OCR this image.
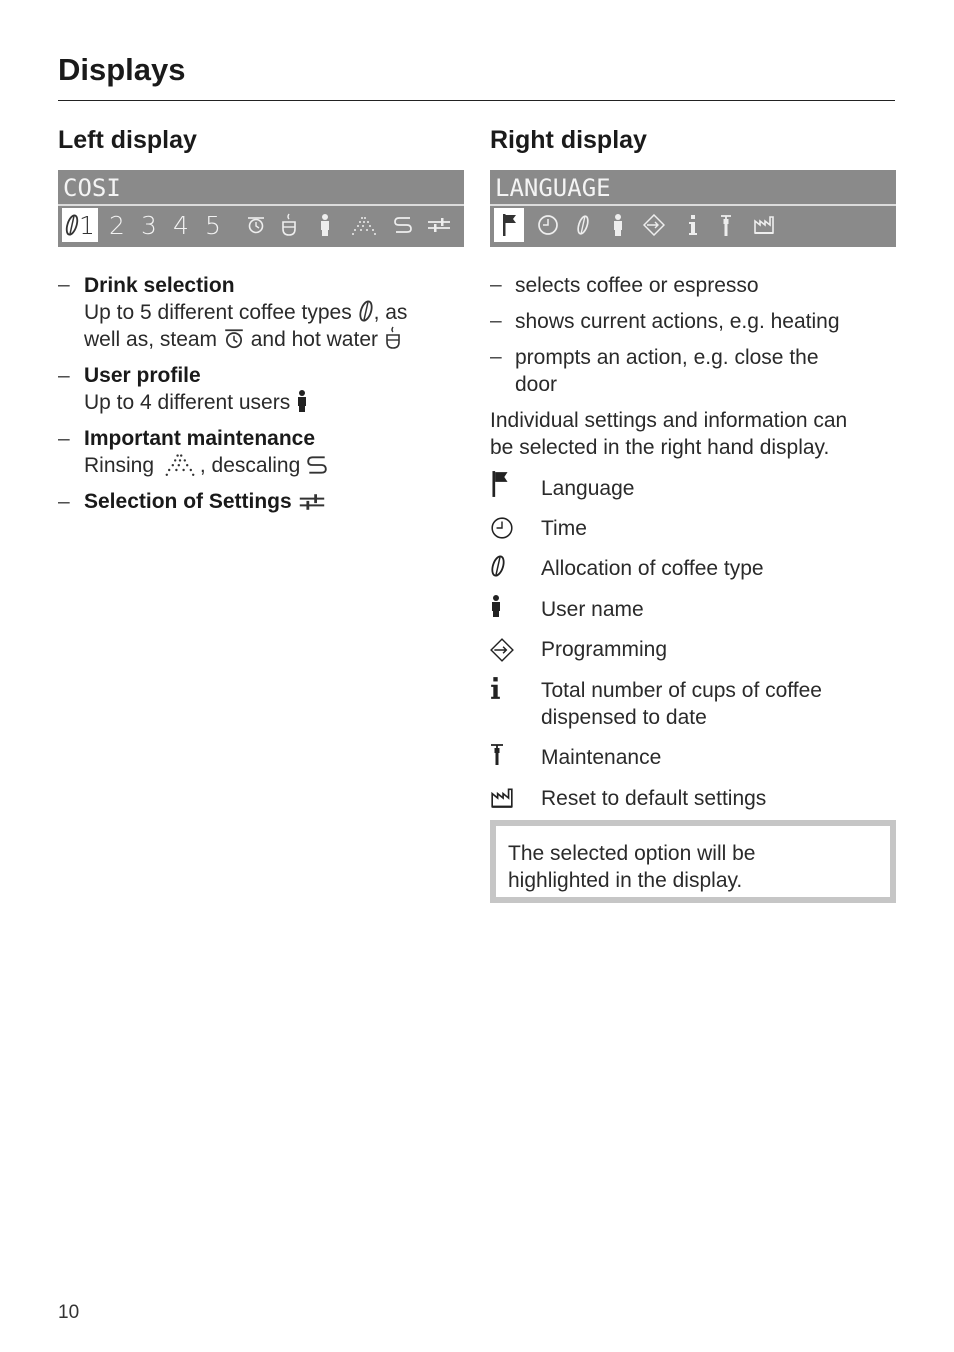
Displays
Left display
COSI
1 2 3 4 5
– Drink selection
Up to 5 different coffee types , as
well as, steam and hot water
– User profile
Up to 4 different users
– Important maintenance
Rinsing , descaling
– Selection of Settings
Right display
LANGUAGE
– selects coffee or espresso
– shows current actions, e.g. heating
– prompts an action, e.g. close the
door
Individual settings and information can
be selected in the right hand display.
Language
Time
Allocation of coffee type
User name
Programming
Total number of cups of coffee
dispensed to date
Maintenance
Reset to default settings
The selected option will be
highlighted in the display.
10
